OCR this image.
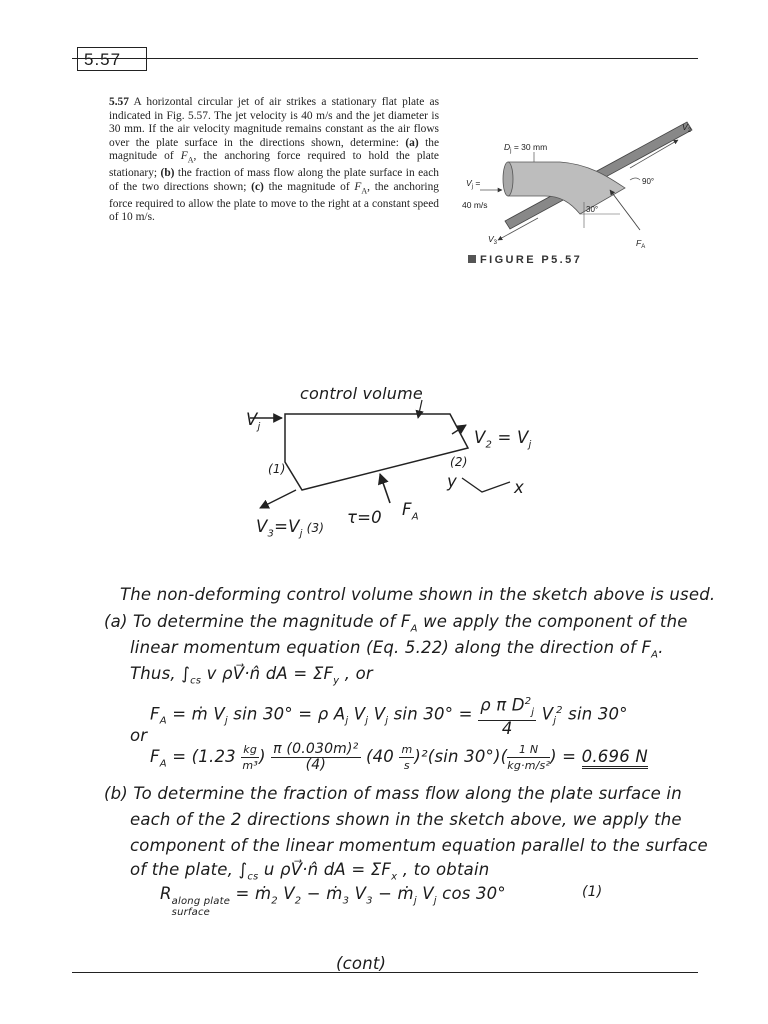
5.57
5.57 A horizontal circular jet of air strikes a stationary flat plate as indicated in Fig. 5.57. The jet velocity is 40 m/s and the jet diameter is 30 mm. If the air velocity magnitude remains constant as the air flows over the plate surface in the directions shown, determine: (a) the magnitude of $F_A$, the anchoring force required to hold the plate stationary; (b) the fraction of mass flow along the plate surface in each of the two directions shown; (c) the magnitude of $F_A$, the anchoring force required to allow the plate to move to the right at a constant speed of 10 m/s.
$D_j = 30$ mm
$V_j$ =
40 m/s
$V_2$
$V_3$	$F_A$
90°
30°
FIGURE P5.57
control volume
$V_j$
$V_2 = V_j$
(1)	(2)
y	x
$V_3=V_j$ (3)
τ=0 $F_A$
The non-deforming control volume shown in the sketch above is used.
(a) To determine the magnitude of $F_A$ we apply the component of the
linear momentum equation (Eq. 5.22) along the direction of $F_A$.
Thus, $\int_{cs}$ v ρV⃗·n̂ dA = $\Sigma F_y$ , or
$F_A$ = ṁ $V_j$ sin 30° = ρ $A_j$ $V_j$ $V_j$ $\sin 30^\circ = \frac{\rho \pi D^2_j}{4} V_j^2$ sin 30°
or
$F_A = (1.23 \frac{kg}{\text{m³}}$ ) $\frac{\text{π (0.030m)²}}{(4)} (40 \frac{m}{s} )^2(\sin$ $30^\circ)( \frac{1 N}{\text{kg·m/s²}}$ ) = 0.696 N
(b) To determine the fraction of mass flow along the plate surface in
each of the 2 directions shown in the sketch above, we apply the
component of the linear momentum equation parallel to the surface
of the plate, $\int_{cs}$ u ρV⃗·n̂ dA = $\Sigma F_x$ , to obtain
R along plate
surface
= ṁ$_2$ $V_2$ − ṁ$_3$ $V_3$ − ṁ$_j$ $V_j$ cos 30°	(1)
(cont)
